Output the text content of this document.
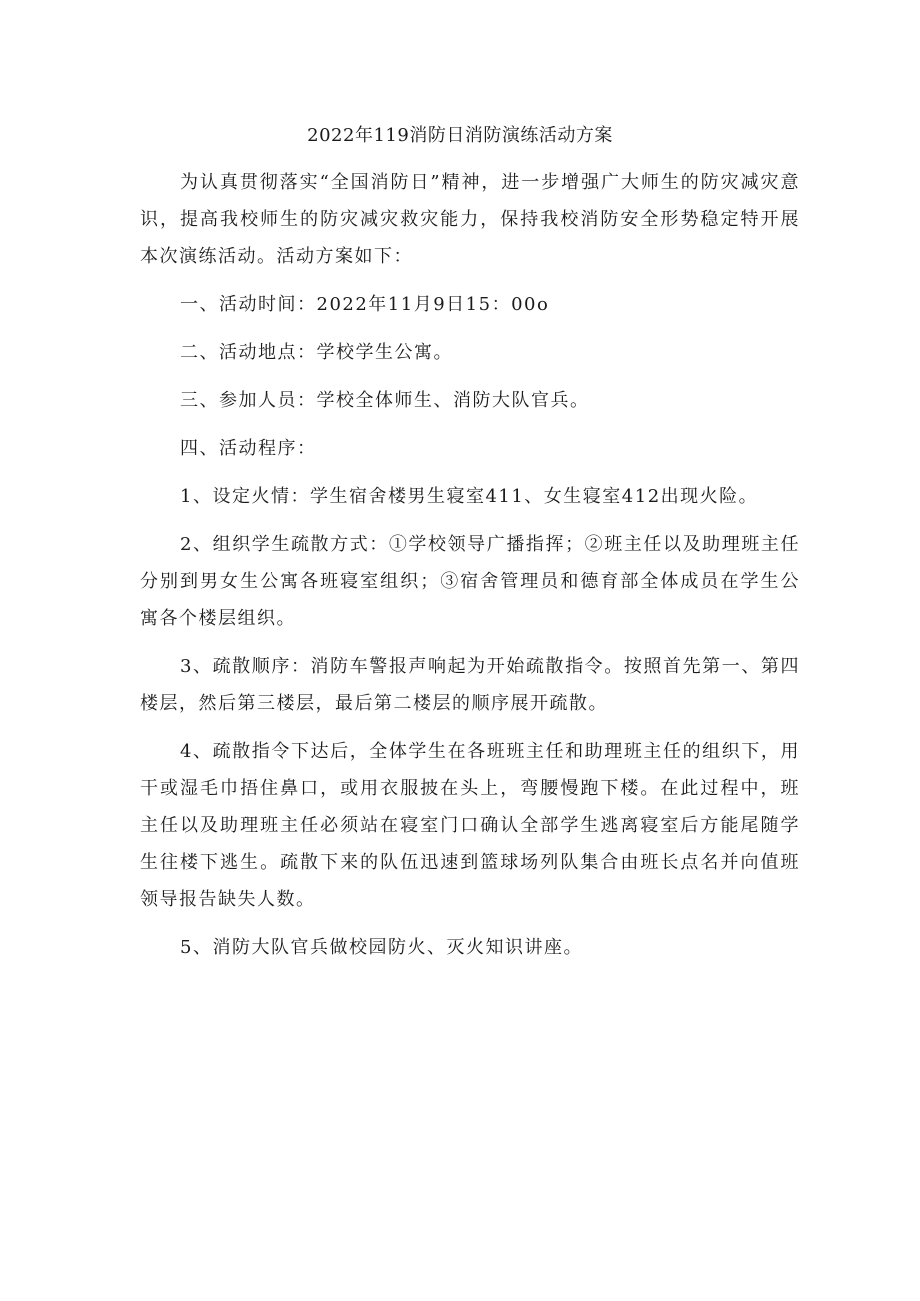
2022年119消防日消防演练活动方案

为认真贯彻落实“全国消防日”精神，进一步增强广大师生的防灾减灾意识，提高我校师生的防灾减灾救灾能力，保持我校消防安全形势稳定特开展本次演练活动。活动方案如下：

一、活动时间：2022年11月9日15：00o

二、活动地点：学校学生公寓。

三、参加人员：学校全体师生、消防大队官兵。

四、活动程序：

1、设定火情：学生宿舍楼男生寝室411、女生寝室412出现火险。

2、组织学生疏散方式：①学校领导广播指挥；②班主任以及助理班主任分别到男女生公寓各班寝室组织；③宿舍管理员和德育部全体成员在学生公寓各个楼层组织。

3、疏散顺序：消防车警报声响起为开始疏散指令。按照首先第一、第四楼层，然后第三楼层，最后第二楼层的顺序展开疏散。

4、疏散指令下达后，全体学生在各班班主任和助理班主任的组织下，用干或湿毛巾捂住鼻口，或用衣服披在头上，弯腰慢跑下楼。在此过程中，班主任以及助理班主任必须站在寝室门口确认全部学生逃离寝室后方能尾随学生往楼下逃生。疏散下来的队伍迅速到篮球场列队集合由班长点名并向值班领导报告缺失人数。

5、消防大队官兵做校园防火、灭火知识讲座。
